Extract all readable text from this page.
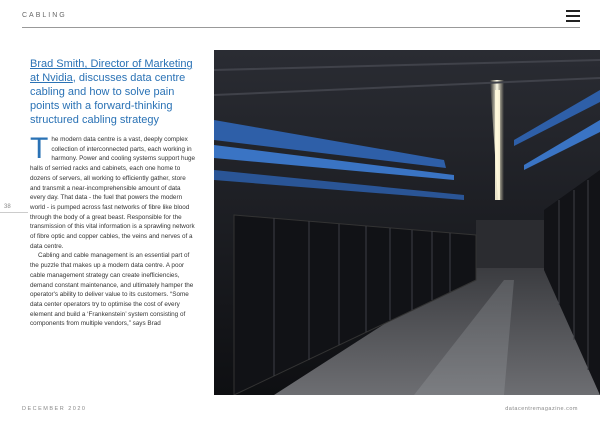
CABLING
38
Brad Smith, Director of Marketing at Nvidia, discusses data centre cabling and how to solve pain points with a forward-thinking structured cabling strategy

The modern data centre is a vast, deeply complex collection of interconnected parts, each working in harmony. Power and cooling systems support huge halls of serried racks and cabinets, each one home to dozens of servers, all working to efficiently gather, store and transmit a near-incomprehensible amount of data every day. That data - the fuel that powers the modern world - is pumped across fast networks of fibre like blood through the body of a great beast. Responsible for the transmission of this vital information is a sprawling network of fibre optic and copper cables, the veins and nerves of a data centre.

Cabling and cable management is an essential part of the puzzle that makes up a modern data centre. A poor cable management strategy can create inefficiencies, demand constant maintenance, and ultimately hamper the operator's ability to deliver value to its customers. “Some data center operators try to optimise the cost of every element and build a ‘Frankenstein’ system consisting of components from multiple vendors,” says Brad

DECEMBER 2020	datacentremagazine.com
